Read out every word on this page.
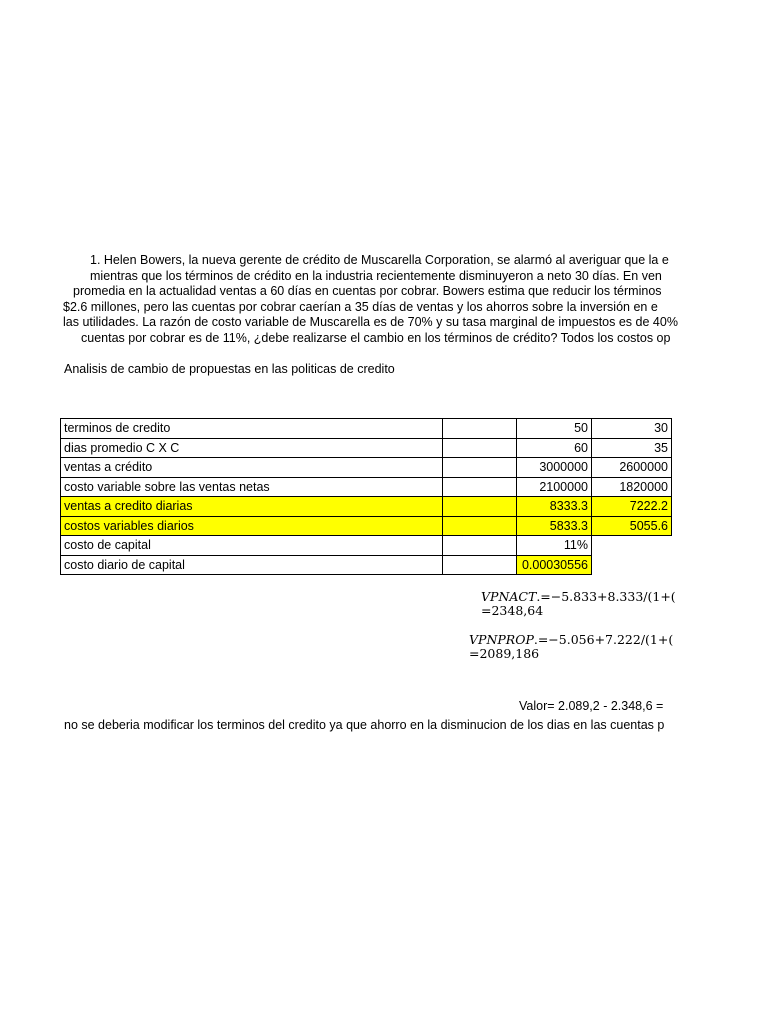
1. Helen Bowers, la nueva gerente de crédito de Muscarella Corporation, se alarmó al averiguar que la e
mientras que los términos de crédito en la industria recientemente disminuyeron a neto 30 días. En ven
promedia en la actualidad ventas a 60 días en cuentas por cobrar. Bowers estima que reducir los términos
$2.6 millones, pero las cuentas por cobrar caerían a 35 días de ventas y los ahorros sobre la inversión en e
las utilidades. La razón de costo variable de Muscarella es de 70% y su tasa marginal de impuestos es de 40%
cuentas por cobrar es de 11%, ¿debe realizarse el cambio en los términos de crédito? Todos los costos op
Analisis de cambio de propuestas en las politicas de credito
terminos de credito		50	30
dias promedio C X C		60	35
ventas a crédito		3000000	2600000
costo variable sobre las ventas netas		2100000	1820000
ventas a credito diarias		8333.3	7222.2
costos variables diarios		5833.3	5055.6
costo de capital		11%	
costo diario de capital		0.00030556	
VPNACT.=−5.833+8.333/(1+(
=2348,64
VPNPROP.=−5.056+7.222/(1+(
=2089,186
Valor= 2.089,2 - 2.348,6 =
no se deberia modificar los terminos del credito ya que ahorro en la disminucion de los dias en las cuentas p
